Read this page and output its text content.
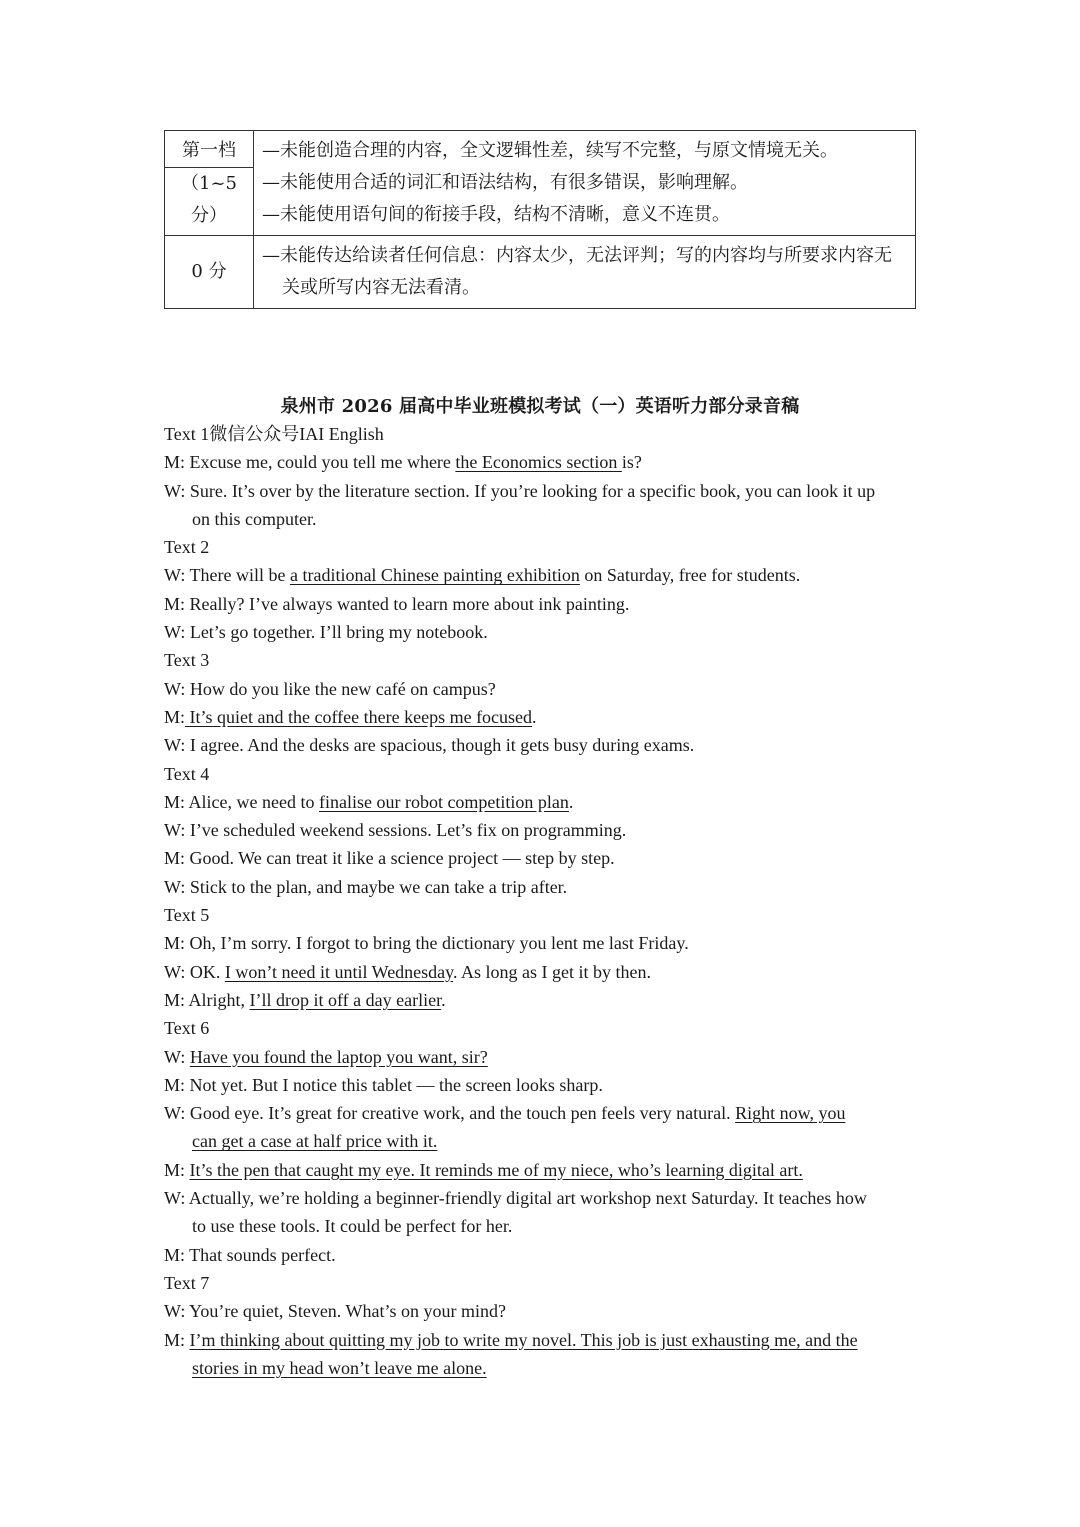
第一档
（1~5
分）	—未能创造合理的内容，全文逻辑性差，续写不完整，与原文情境无关。
—未能使用合适的词汇和语法结构，有很多错误，影响理解。
—未能使用语句间的衔接手段，结构不清晰，意义不连贯。

0 分	—未能传达给读者任何信息：内容太少，无法评判；写的内容均与所要求内容无关或所写内容无法看清。
泉州市 2026 届高中毕业班模拟考试（一）英语听力部分录音稿
Text 1微信公众号IAI English
M: Excuse me, could you tell me where the Economics section is?
W: Sure. It’s over by the literature section. If you’re looking for a specific book, you can look it up
on this computer.
Text 2
W: There will be a traditional Chinese painting exhibition on Saturday, free for students.
M: Really? I’ve always wanted to learn more about ink painting.
W: Let’s go together. I’ll bring my notebook.
Text 3
W: How do you like the new café on campus?
M: It’s quiet and the coffee there keeps me focused.
W: I agree. And the desks are spacious, though it gets busy during exams.
Text 4
M: Alice, we need to finalise our robot competition plan.
W: I’ve scheduled weekend sessions. Let’s fix on programming.
M: Good. We can treat it like a science project — step by step.
W: Stick to the plan, and maybe we can take a trip after.
Text 5
M: Oh, I’m sorry. I forgot to bring the dictionary you lent me last Friday.
W: OK. I won’t need it until Wednesday. As long as I get it by then.
M: Alright, I’ll drop it off a day earlier.
Text 6
W: Have you found the laptop you want, sir?
M: Not yet. But I notice this tablet — the screen looks sharp.
W: Good eye. It’s great for creative work, and the touch pen feels very natural. Right now, you
can get a case at half price with it.
M: It’s the pen that caught my eye. It reminds me of my niece, who’s learning digital art.
W: Actually, we’re holding a beginner-friendly digital art workshop next Saturday. It teaches how
to use these tools. It could be perfect for her.
M: That sounds perfect.
Text 7
W: You’re quiet, Steven. What’s on your mind?
M: I’m thinking about quitting my job to write my novel. This job is just exhausting me, and the
stories in my head won’t leave me alone.
